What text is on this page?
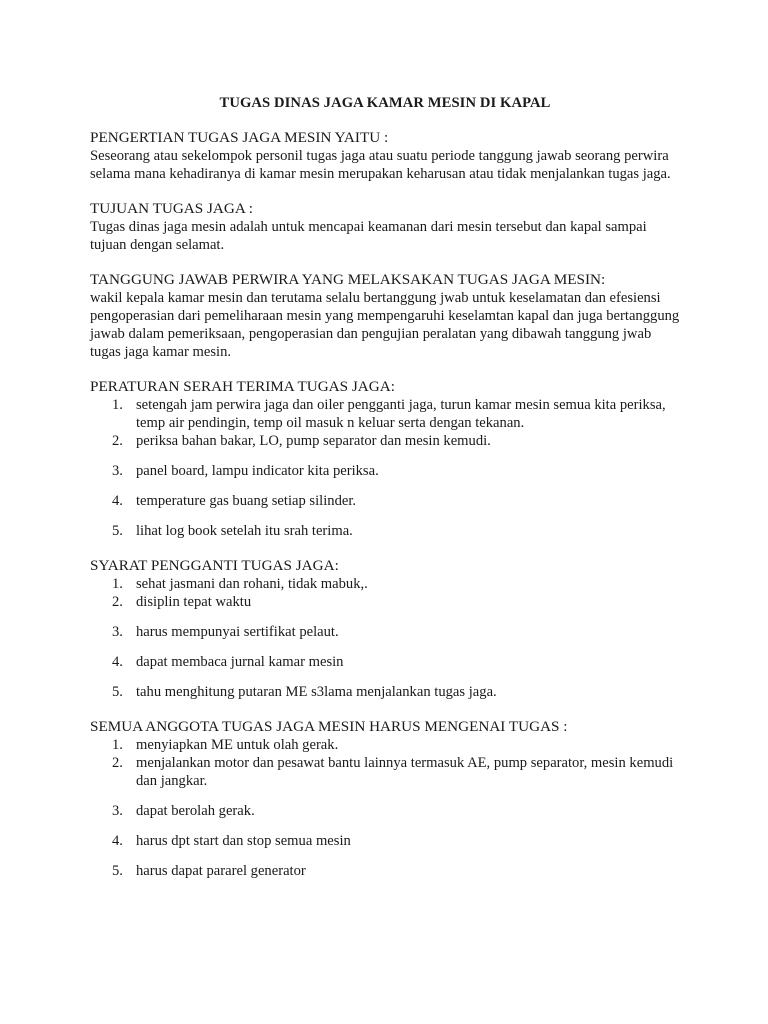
TUGAS DINAS JAGA KAMAR MESIN DI KAPAL

PENGERTIAN TUGAS JAGA MESIN YAITU :

Seseorang atau sekelompok personil tugas jaga atau suatu periode tanggung jawab seorang perwira selama mana kehadiranya di kamar mesin merupakan keharusan atau tidak menjalankan tugas jaga.

TUJUAN TUGAS JAGA :

Tugas dinas jaga mesin adalah untuk mencapai keamanan dari mesin tersebut dan kapal sampai tujuan dengan selamat.

TANGGUNG JAWAB PERWIRA YANG MELAKSAKAN TUGAS JAGA MESIN:

wakil kepala kamar mesin dan terutama selalu bertanggung jwab untuk keselamatan dan efesiensi pengoperasian dari pemeliharaan mesin yang mempengaruhi keselamtan kapal dan juga bertanggung jawab dalam pemeriksaan, pengoperasian dan pengujian peralatan yang dibawah tanggung jwab tugas jaga kamar mesin.

PERATURAN SERAH TERIMA TUGAS JAGA:

1. setengah jam perwira jaga dan oiler pengganti jaga, turun kamar mesin semua kita periksa, temp air pendingin, temp oil masuk n keluar serta dengan tekanan.
2. periksa bahan bakar, LO, pump separator dan mesin kemudi.
3. panel board, lampu indicator kita periksa.
4. temperature gas buang setiap silinder.
5. lihat log book setelah itu srah terima.

SYARAT PENGGANTI TUGAS JAGA:

1. sehat jasmani dan rohani, tidak mabuk,.
2. disiplin tepat waktu
3. harus mempunyai sertifikat pelaut.
4. dapat membaca jurnal kamar mesin
5. tahu menghitung putaran ME s3lama menjalankan tugas jaga.

SEMUA ANGGOTA TUGAS JAGA MESIN HARUS MENGENAI TUGAS :

1. menyiapkan ME untuk olah gerak.
2. menjalankan motor dan pesawat bantu lainnya termasuk AE, pump separator, mesin kemudi dan jangkar.
3. dapat berolah gerak.
4. harus dpt start dan stop semua mesin
5. harus dapat pararel generator
